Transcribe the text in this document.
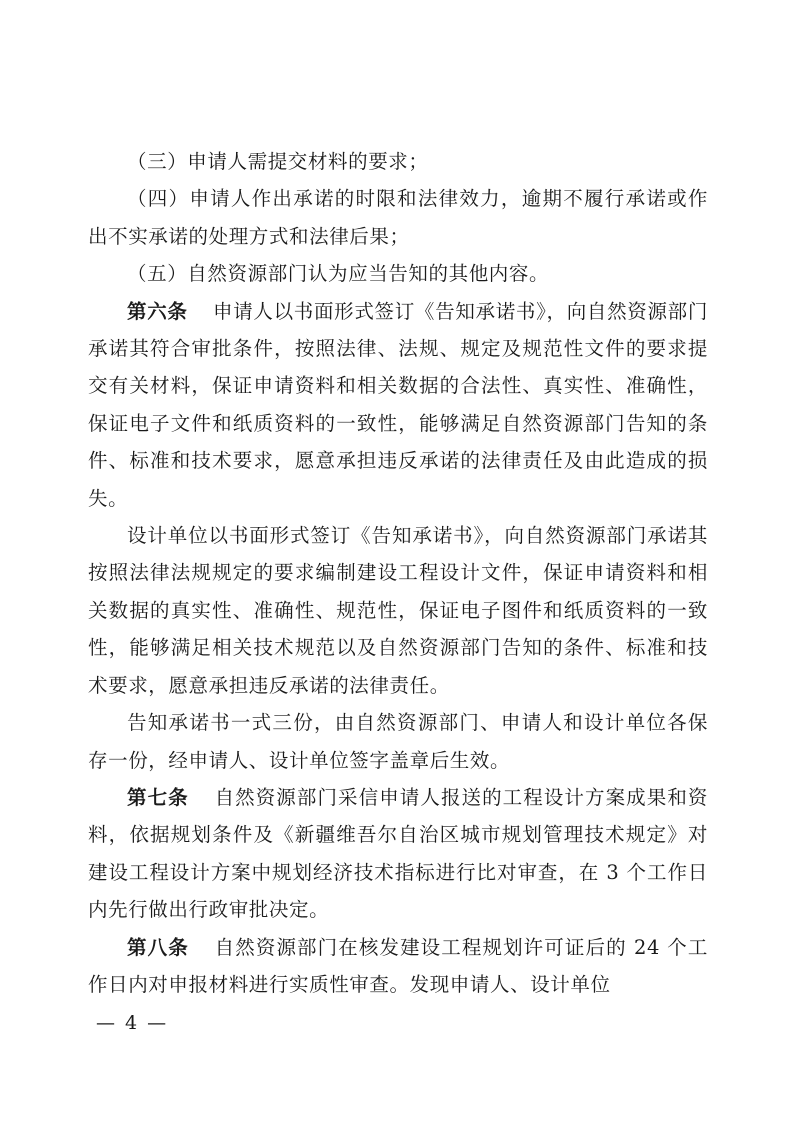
（三）申请人需提交材料的要求；

（四）申请人作出承诺的时限和法律效力，逾期不履行承诺或作出不实承诺的处理方式和法律后果；

（五）自然资源部门认为应当告知的其他内容。

第六条 申请人以书面形式签订《告知承诺书》，向自然资源部门承诺其符合审批条件，按照法律、法规、规定及规范性文件的要求提交有关材料，保证申请资料和相关数据的合法性、真实性、准确性，保证电子文件和纸质资料的一致性，能够满足自然资源部门告知的条件、标准和技术要求，愿意承担违反承诺的法律责任及由此造成的损失。

设计单位以书面形式签订《告知承诺书》，向自然资源部门承诺其按照法律法规规定的要求编制建设工程设计文件，保证申请资料和相关数据的真实性、准确性、规范性，保证电子图件和纸质资料的一致性，能够满足相关技术规范以及自然资源部门告知的条件、标准和技术要求，愿意承担违反承诺的法律责任。

告知承诺书一式三份，由自然资源部门、申请人和设计单位各保存一份，经申请人、设计单位签字盖章后生效。

第七条 自然资源部门采信申请人报送的工程设计方案成果和资料，依据规划条件及《新疆维吾尔自治区城市规划管理技术规定》对建设工程设计方案中规划经济技术指标进行比对审查，在 3 个工作日内先行做出行政审批决定。

第八条 自然资源部门在核发建设工程规划许可证后的 24 个工作日内对申报材料进行实质性审查。发现申请人、设计单位

— 4 —
